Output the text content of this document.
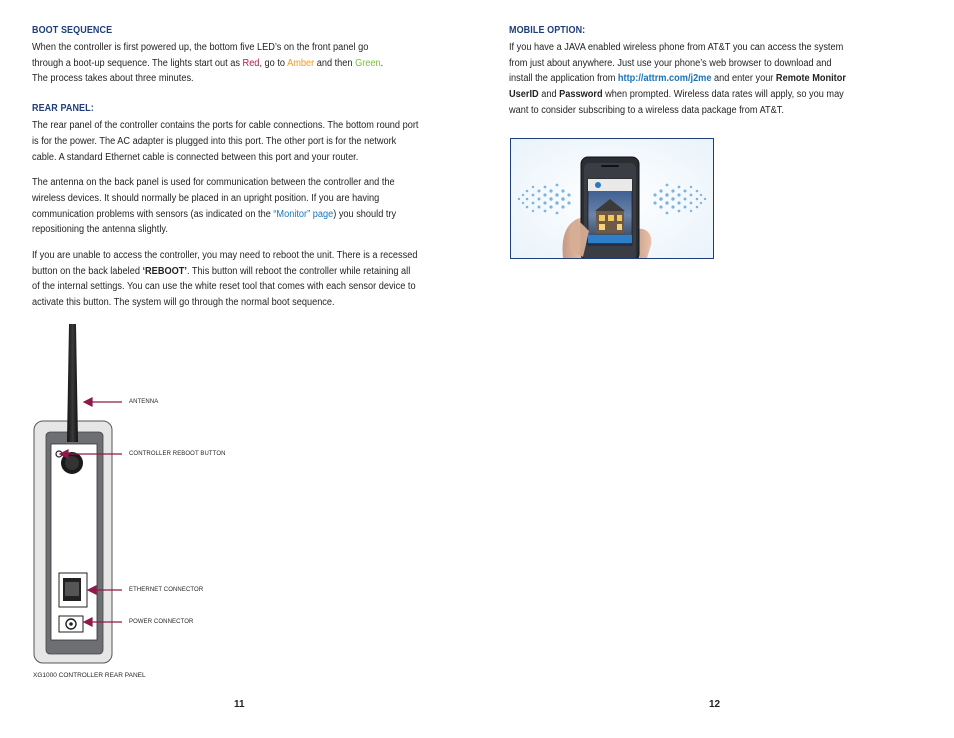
BOOT SEQUENCE

When the controller is first powered up, the bottom five LED’s on the front panel go
through a boot-up sequence. The lights start out as Red, go to Amber and then Green.
The process takes about three minutes.

REAR PANEL:

The rear panel of the controller contains the ports for cable connections. The bottom round port is for the power. The AC adapter is plugged into this port. The other port is for the network cable. A standard Ethernet cable is connected between this port and your router.

The antenna on the back panel is used for communication between the controller and the wireless devices. It should normally be placed in an upright position. If you are having communication problems with sensors (as indicated on the “Monitor” page) you should try repositioning the antenna slightly.

If you are unable to access the controller, you may need to reboot the unit. There is a recessed button on the back labeled ‘REBOOT’. This button will reboot the controller while retaining all of the internal settings. You can use the white reset tool that comes with each sensor device to activate this button. The system will go through the normal boot sequence.

ANTENNA
CONTROLLER REBOOT BUTTON
ETHERNET CONNECTOR
POWER CONNECTOR
XG1000 CONTROLLER REAR PANEL
11
MOBILE OPTION:

If you have a JAVA enabled wireless phone from AT&T you can access the system from just about anywhere. Just use your phone’s web browser to download and install the application from http://attrm.com/j2me and enter your Remote Monitor UserID and Password when prompted. Wireless data rates will apply, so you may want to consider subscribing to a wireless data package from AT&T.

12
